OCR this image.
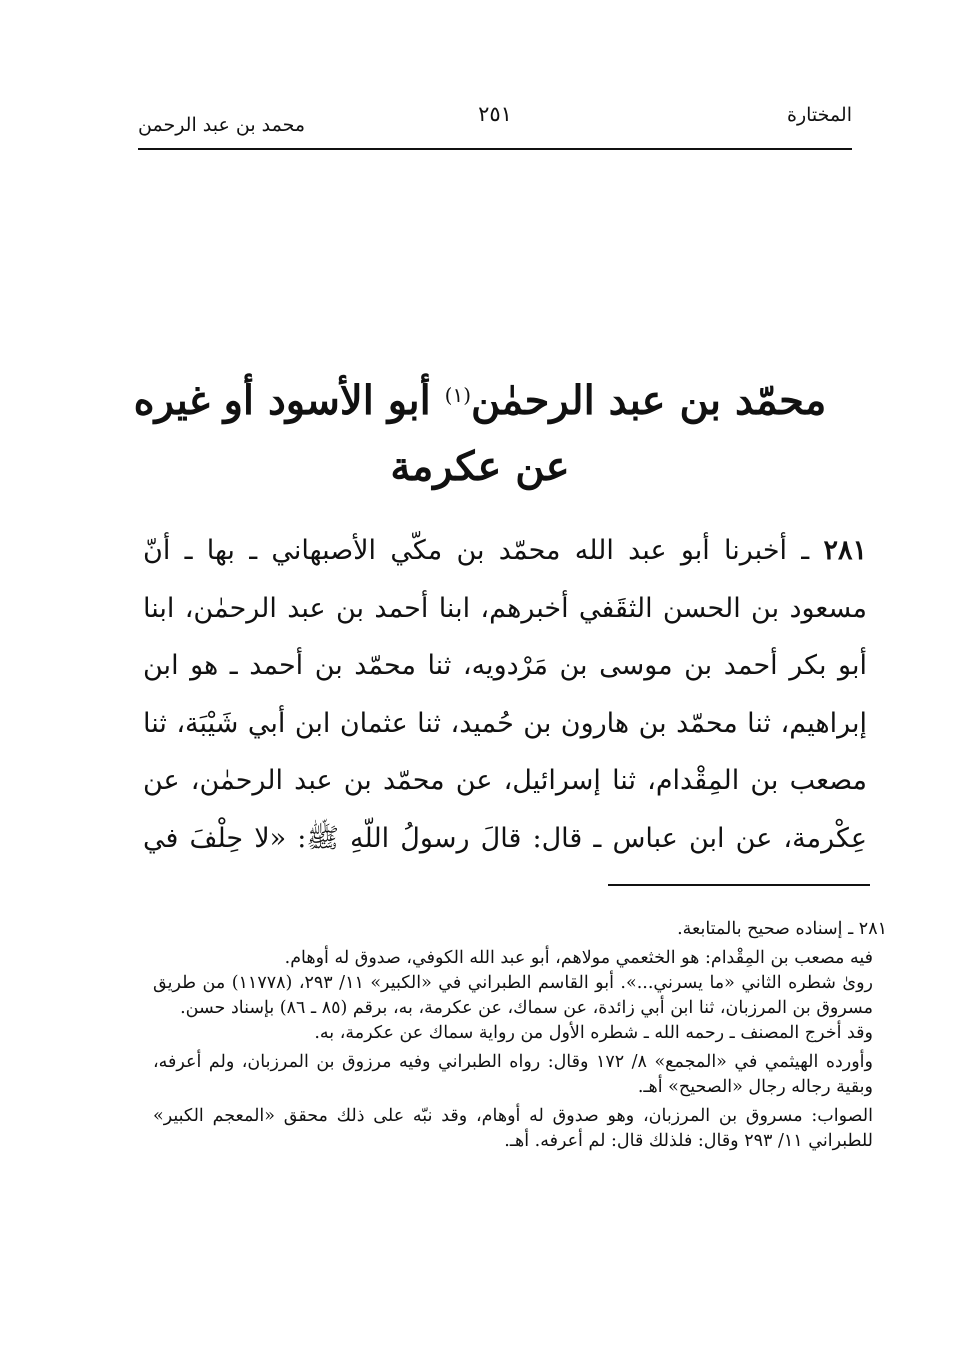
المختارة
٢٥١
محمد بن عبد الرحمن
محمّد بن عبد الرحمٰن$^{(١)}$ أبو الأسود أو غيره
عن عكرمة
٢٨١ ـ أخبرنا أبو عبد الله محمّد بن مكّي الأصبهاني ـ بها ـ أنّ مسعود بن الحسن الثقَفي أخبرهم، ابنا أحمد بن عبد الرحمٰن، ابنا أبو بكر أحمد بن موسى بن مَرْدويه، ثنا محمّد بن أحمد ـ هو ابن إبراهيم، ثنا محمّد بن هارون بن حُميد، ثنا عثمان ابن أبي شَيْبَة، ثنا مصعب بن المِقْدام، ثنا إسرائيل، عن محمّد بن عبد الرحمٰن، عن عِكْرمة، عن ابن عباس ـ قال: قالَ رسولُ اللّهِ ﷺ: «لا حِلْفَ في

٢٨١ ـ إسناده صحيح بالمتابعة.

فيه مصعب بن المِقْدام: هو الخثعمي مولاهم، أبو عبد الله الكوفي، صدوق له أوهام.

رویٰ شطره الثاني «ما يسرني...». أبو القاسم الطبراني في «الكبير» ١١/ ٢٩٣، (١١٧٧٨) من طريق مسروق بن المرزبان، ثنا ابن أبي زائدة، عن سماك، عن عكرمة، به، برقم (٨٥ ـ ٨٦) بإسناد حسن.

وقد أخرج المصنف ـ رحمه الله ـ شطره الأول من رواية سماك عن عكرمة، به.

وأورده الهيثمي في «المجمع» ٨/ ١٧٢ وقال: رواه الطبراني وفيه مرزوق بن المرزبان، ولم أعرفه، وبقية رجاله رجال «الصحيح» أهـ.

الصواب: مسروق بن المرزبان، وهو صدوق له أوهام، وقد نبّه على ذلك محقق «المعجم الكبير» للطبراني ١١/ ٢٩٣ وقال: فلذلك قال: لم أعرفه. أهـ.
